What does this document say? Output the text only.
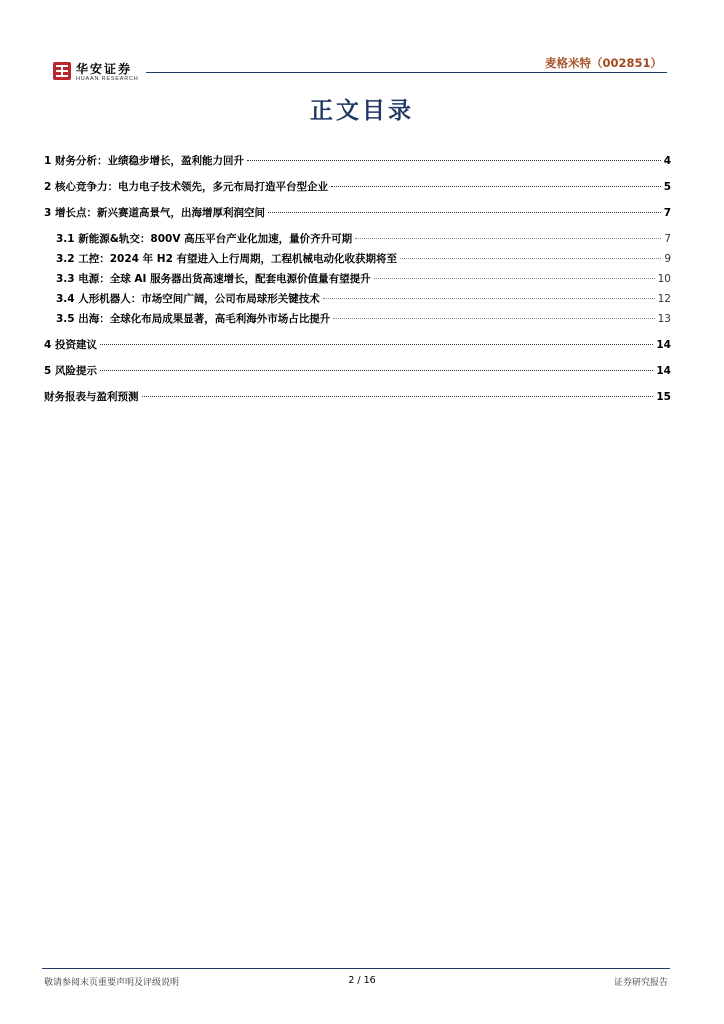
华安证券
HUAAN RESEARCH
麦格米特（002851）
正文目录
1 财务分析：业绩稳步增长，盈利能力回升	4
2 核心竞争力：电力电子技术领先，多元布局打造平台型企业	5
3 增长点：新兴赛道高景气，出海增厚利润空间	7
3.1 新能源&轨交：800V 高压平台产业化加速，量价齐升可期	7
3.2 工控：2024 年 H2 有望进入上行周期，工程机械电动化收获期将至	9
3.3 电源：全球 AI 服务器出货高速增长，配套电源价值量有望提升	10
3.4 人形机器人：市场空间广阔，公司布局球形关键技术	12
3.5 出海：全球化布局成果显著，高毛利海外市场占比提升	13
4 投资建议	14
5 风险提示	14
财务报表与盈利预测	15
敬请参阅末页重要声明及评级说明	2 / 16	证券研究报告
